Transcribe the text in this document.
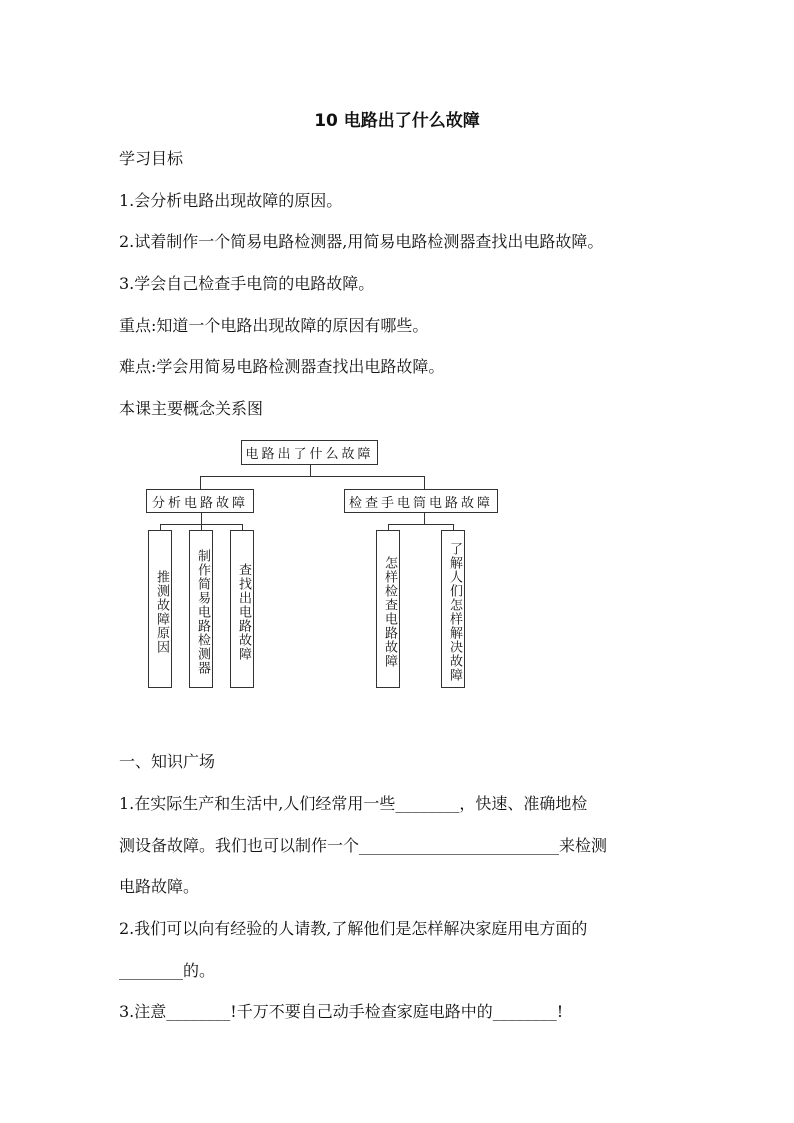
10 电路出了什么故障
学习目标
1.会分析电路出现故障的原因。
2.试着制作一个简易电路检测器,用简易电路检测器查找出电路故障。
3.学会自己检查手电筒的电路故障。
重点:知道一个电路出现故障的原因有哪些。
难点:学会用简易电路检测器查找出电路故障。
本课主要概念关系图
电路出了什么故障
分析电路故障	检查手电筒电路故障
推测故障原因	制作简易电路检测器	查找出电路故障	怎样检查电路故障	了解人们怎样解决故障
一、知识广场
1.在实际生产和生活中,人们经常用一些________，快速、准确地检
测设备故障。我们也可以制作一个_________________________来检测
电路故障。
2.我们可以向有经验的人请教,了解他们是怎样解决家庭用电方面的
________的。
3.注意________!千万不要自己动手检查家庭电路中的________!
